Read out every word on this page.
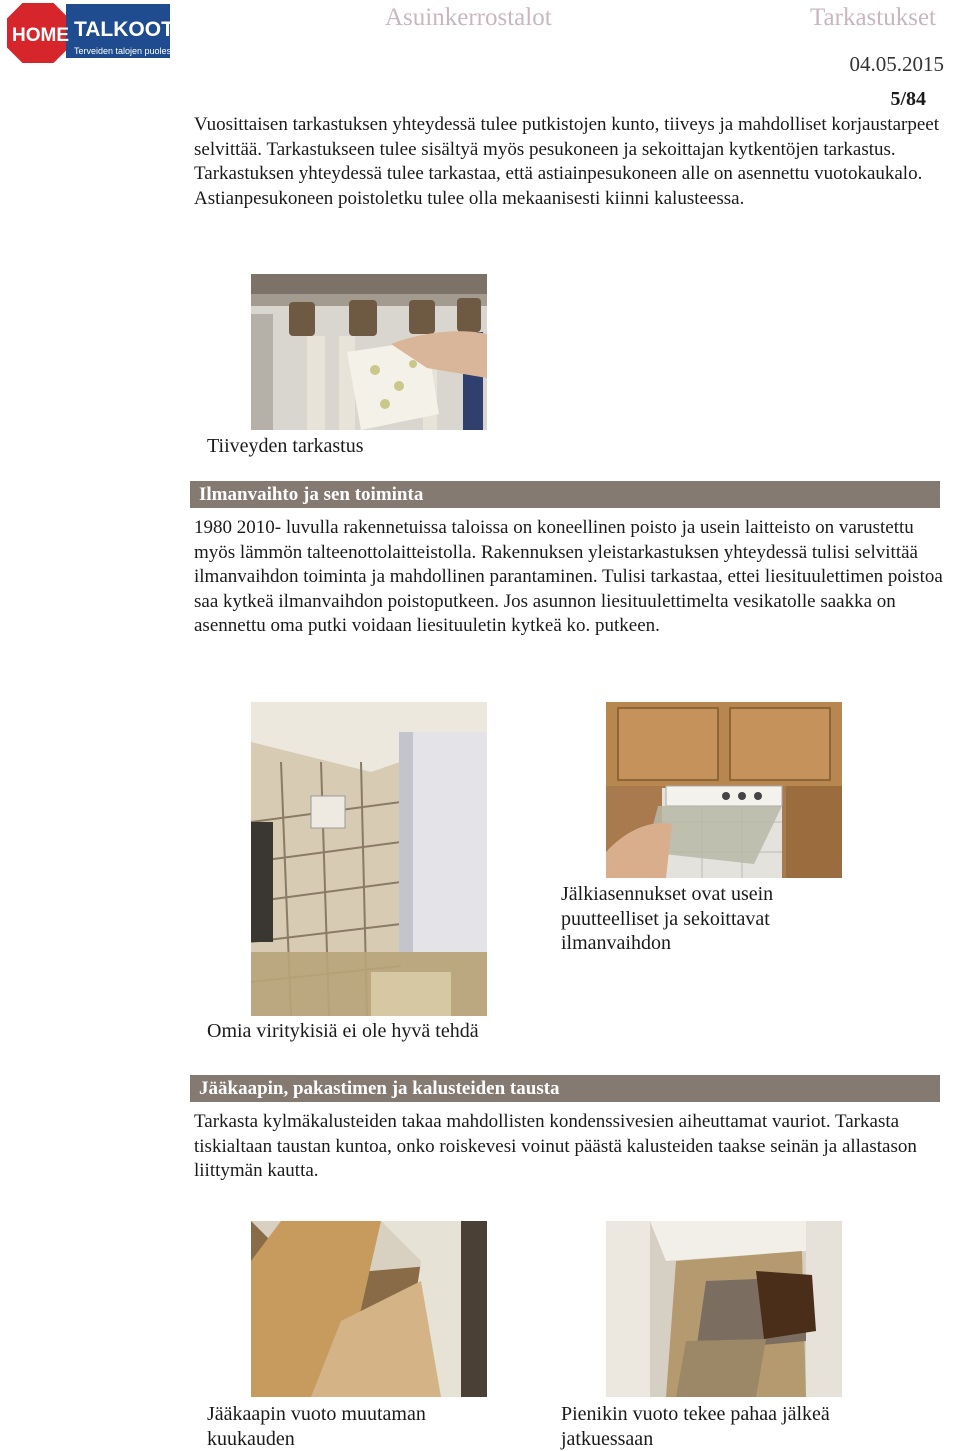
HOME TALKOOT.FI
Terveiden talojen puolesta
Asuinkerrostalot	Tarkastukset
04.05.2015
5/84
Vuosittaisen tarkastuksen yhteydessä tulee putkistojen kunto, tiiveys ja mahdolliset korjaustarpeet selvittää. Tarkastukseen tulee sisältyä myös pesukoneen ja sekoittajan kytkentöjen tarkastus. Tarkastuksen yhteydessä tulee tarkastaa, että astiainpesukoneen alle on asennettu vuotokaukalo. Astianpesukoneen poistoletku tulee olla mekaanisesti kiinni kalusteessa.
Tiiveyden tarkastus
Ilmanvaihto ja sen toiminta
1980 2010- luvulla rakennetuissa taloissa on koneellinen poisto ja usein laitteisto on varustettu myös lämmön talteenottolaitteistolla. Rakennuksen yleistarkastuksen yhteydessä tulisi selvittää ilmanvaihdon toiminta ja mahdollinen parantaminen. Tulisi tarkastaa, ettei liesituulettimen poistoa saa kytkeä ilmanvaihdon poistoputkeen. Jos asunnon liesituulettimelta vesikatolle saakka on asennettu oma putki voidaan liesituuletin kytkeä ko. putkeen.
Omia viritykisiä ei ole hyvä tehdä
Jälkiasennukset ovat usein puutteelliset ja sekoittavat ilmanvaihdon
Jääkaapin, pakastimen ja kalusteiden tausta
Tarkasta kylmäkalusteiden takaa mahdollisten kondenssivesien aiheuttamat vauriot. Tarkasta tiskialtaan taustan kuntoa, onko roiskevesi voinut päästä kalusteiden taakse seinän ja allastason liittymän kautta.
Jääkaapin vuoto muutaman kuukauden
Pienikin vuoto tekee pahaa jälkeä jatkuessaan
